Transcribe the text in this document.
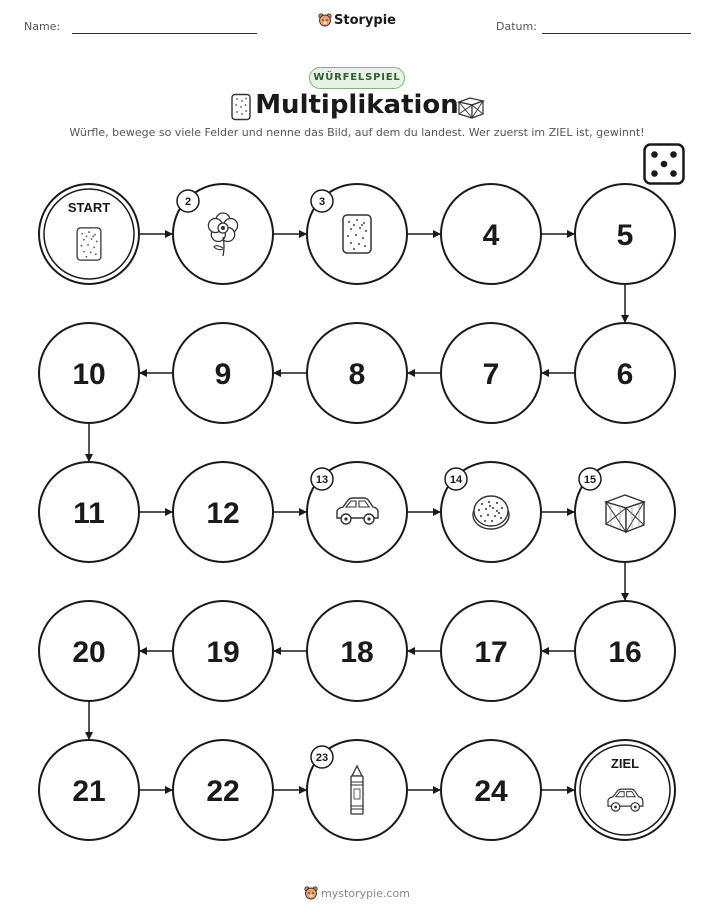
Name:	Storypie	Datum:
WÜRFELSPIEL
Multiplikation
Würfle, bewege so viele Felder und nenne das Bild, auf dem du landest. Wer zuerst im ZIEL ist, gewinnt!
START	2	3
4	5
6
7
8
9
10
11	12
13	14	15
16
17
18
19
20
21	22
23
24
ZIEL
mystorypie.com
